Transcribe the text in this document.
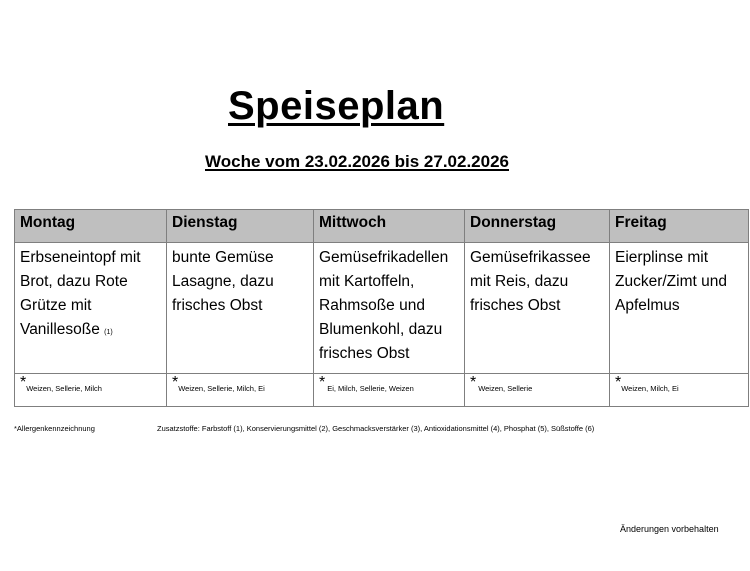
Speiseplan
Woche vom 23.02.2026 bis 27.02.2026
Montag	Dienstag	Mittwoch	Donnerstag	Freitag
Erbseneintopf mit Brot, dazu Rote Grütze mit Vanillesoße (1)	bunte Gemüse Lasagne, dazu frisches Obst	Gemüsefrikadellen mit Kartoffeln, Rahmsoße und Blumenkohl, dazu frisches Obst	Gemüsefrikassee mit Reis, dazu frisches Obst	Eierplinse mit Zucker/Zimt und Apfelmus
*Weizen, Sellerie, Milch	*Weizen, Sellerie, Milch, Ei	* Ei, Milch, Sellerie, Weizen	* Weizen, Sellerie	*Weizen, Milch, Ei
*Allergenkennzeichnung	Zusatzstoffe: Farbstoff (1), Konservierungsmittel (2), Geschmacksverstärker (3), Antioxidationsmittel (4), Phosphat (5), Süßstoffe (6)
Änderungen vorbehalten
